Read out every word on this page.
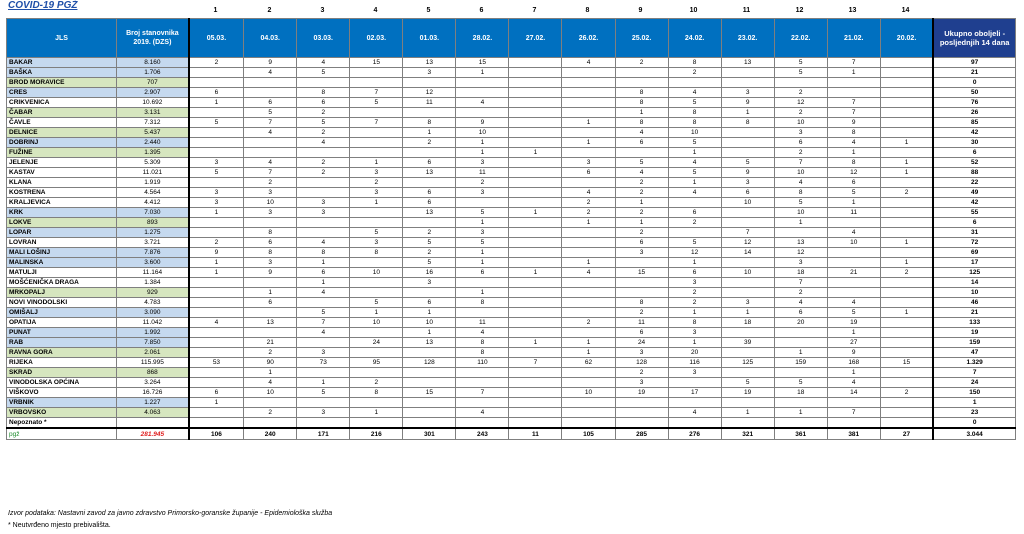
COVID-19 PGŽ	1	2	3	4	5	6	7	8	9	10	11	12	13	14
JLS	Broj stanovnika 2019. (DZS)	05.03.	04.03.	03.03.	02.03.	01.03.	28.02.	27.02.	26.02.	25.02.	24.02.	23.02.	22.02.	21.02.	20.02.	Ukupno oboljeli - posljednjih 14 dana
BAKAR	8.160	2	9	4	15	13	15		4	2	8	13	5	7		97
BAŠKA	1.706		4	5		3	1				2		5	1		21
BROD MORAVICE	707															0
CRES	2.907	6		8	7	12				8	4	3	2			50
CRIKVENICA	10.692	1	6	6	5	11	4			8	5	9	12	7		76
ČABAR	3.131		5	2						1	8	1	2	7		26
ČAVLE	7.312	5	7	5	7	8	9		1	8	8	8	10	9		85
DELNICE	5.437		4	2		1	10			4	10		3	8		42
DOBRINJ	2.440			4		2	1		1	6	5		6	4	1	30
FUŽINE	1.395						1	1			1		2	1		6
JELENJE	5.309	3	4	2	1	6	3		3	5	4	5	7	8	1	52
KASTAV	11.021	5	7	2	3	13	11		6	4	5	9	10	12	1	88
KLANA	1.919		2		2		2			2	1	3	4	6		22
KOSTRENA	4.564	3	3		3	6	3		4	2	4	6	8	5	2	49
KRALJEVICA	4.412	3	10	3	1	6			2	1		10	5	1		42
KRK	7.030	1	3	3		13	5	1	2	2	6		10	11		55
LOKVE	893						1		1	1	2		1			6
LOPAR	1.275		8		5	2	3			2		7		4		31
LOVRAN	3.721	2	6	4	3	5	5			6	5	12	13	10	1	72
MALI LOŠINJ	7.876	9	8	8	8	2	1			3	12	14	12			69
MALINSKA	3.600	1	3	1		5	1		1		1		3		1	17
MATULJI	11.164	1	9	6	10	16	6	1	4	15	6	10	18	21	2	125
MOŠĆENIČKA DRAGA	1.384			1		3					3		7			14
MRKOPALJ	929		1	4			1				2		2			10
NOVI VINODOLSKI	4.783		6		5	6	8			8	2	3	4	4		46
OMIŠALJ	3.090			5	1	1				2	1	1	6	5	1	21
OPATIJA	11.042	4	13	7	10	10	11		2	11	8	18	20	19		133
PUNAT	1.992			4		1	4			6	3			1		19
RAB	7.850		21		24	13	8	1	1	24	1	39		27		159
RAVNA GORA	2.061		2	3			8		1	3	20		1	9		47
RIJEKA	115.995	53	90	73	95	128	110	7	62	128	116	125	159	168	15	1.329
SKRAD	868		1							2	3			1		7
VINODOLSKA OPĆINA	3.264		4	1	2					3		5	5	4		24
VIŠKOVO	16.726	6	10	5	8	15	7		10	19	17	19	18	14	2	150
VRBNIK	1.227	1														1
VRBOVSKO	4.063		2	3	1		4				4	1	1	7		23
Nepoznato *																0
pgž	281.945	106	240	171	216	301	243	11	105	285	276	321	361	381	27	3.044
Izvor podataka: Nastavni zavod za javno zdravstvo Primorsko-goranske županije - Epidemiološka služba
* Neutvrđeno mjesto prebivališta.
